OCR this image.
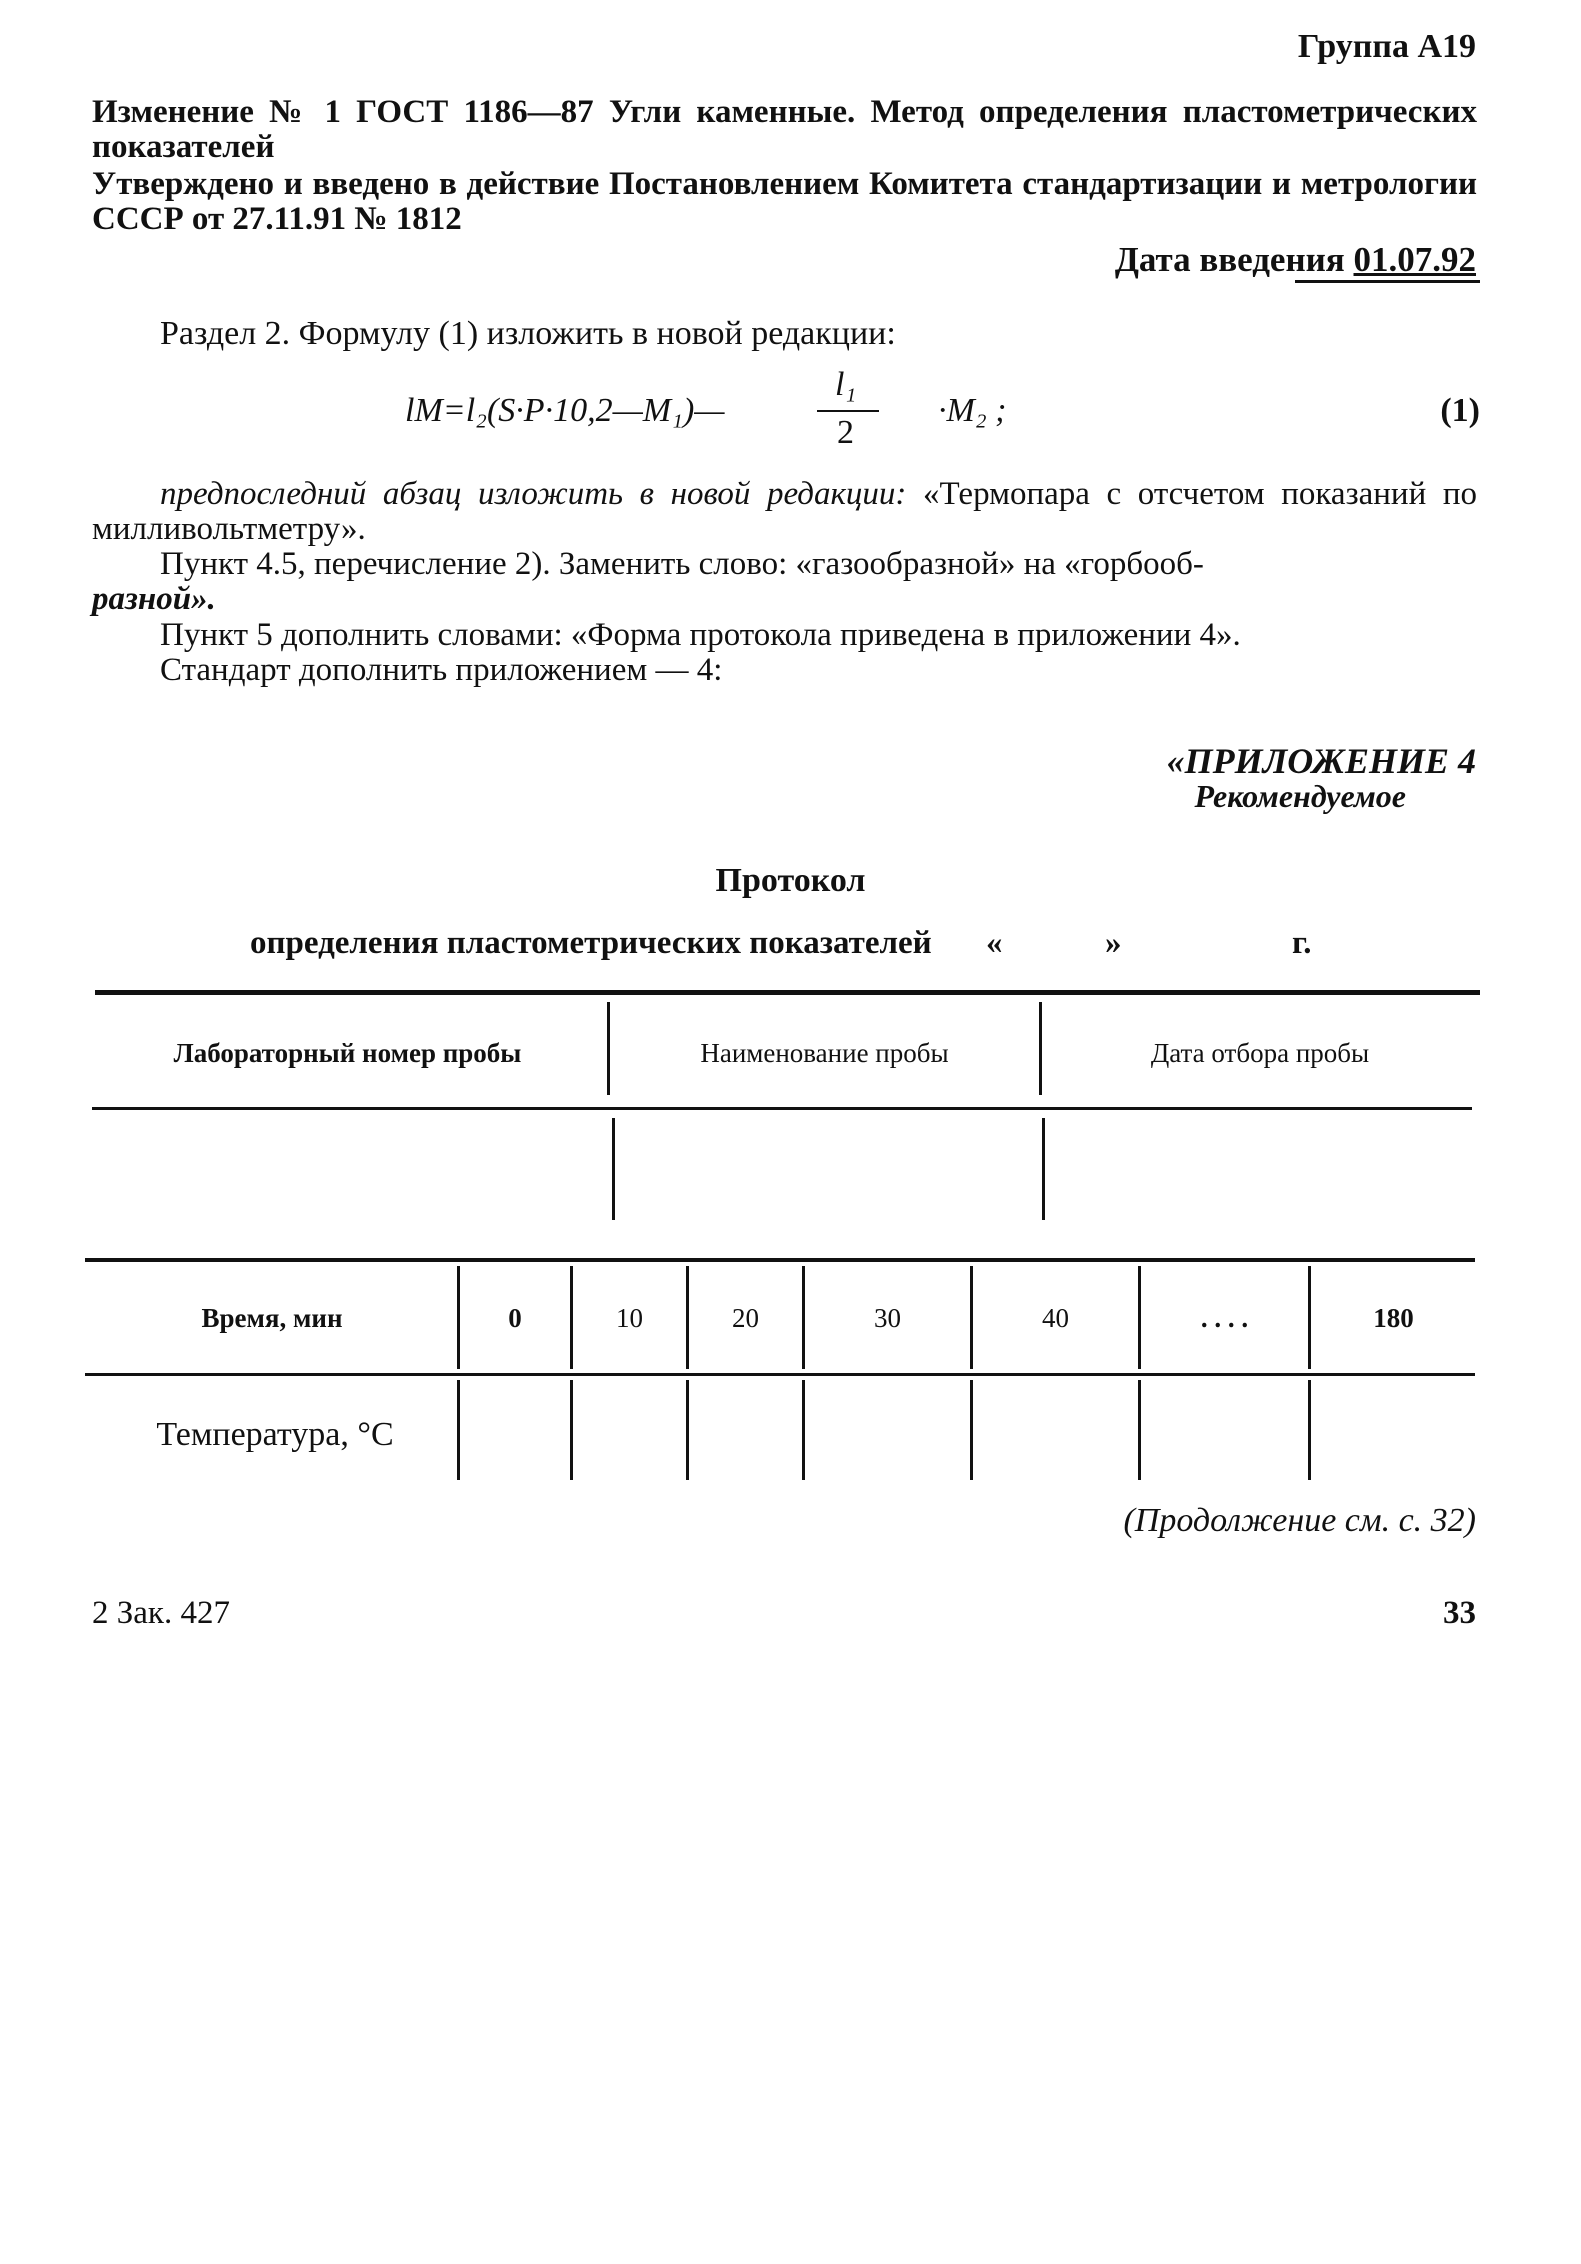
Группа А19
Изменение № 1 ГОСТ 1186—87 Угли каменные. Метод определения пластометрических показателей
Утверждено и введено в действие Постановлением Комитета стандартизации и метрологии СССР от 27.11.91 № 1812
Дата введения 01.07.92
Раздел 2. Формулу (1) изложить в новой редакции:
lM=l₂(S·P·10,2—M₁)—
l₁
2
·M₂ ;	(1)
предпоследний абзац изложить в новой редакции: «Термопара с отсчетом показаний по милливольтметру».
Пункт 4.5, перечисление 2). Заменить слово: «газообразной» на «горбооб-
разной».
Пункт 5 дополнить словами: «Форма протокола приведена в приложении 4».
Стандарт дополнить приложением — 4:
«ПРИЛОЖЕНИЕ 4
Рекомендуемое
Протокол
определения пластометрических показателей «	»	г.
Лабораторный номер пробы	Наименование пробы	Дата отбора пробы
Время, мин	0	10	20	30	40	. . . .	180
Температура, °С
(Продолжение см. с. 32)
2 Зак. 427	33
